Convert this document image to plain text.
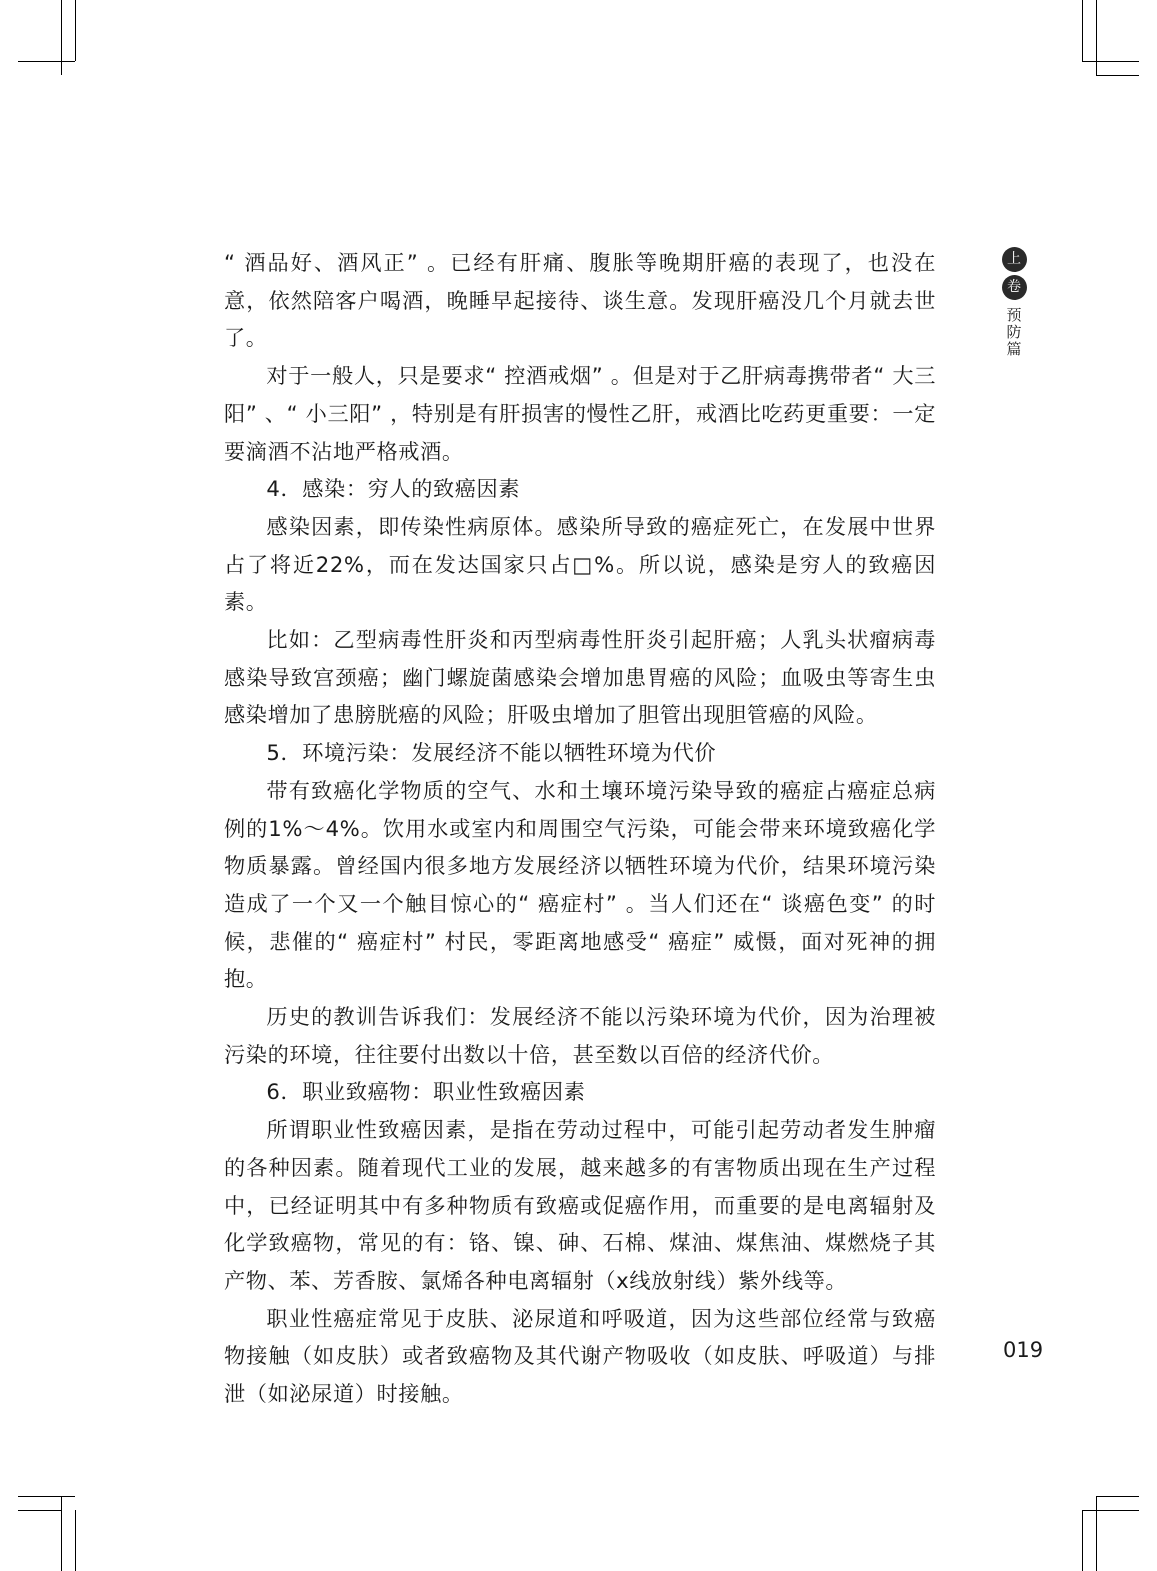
上
卷
预防篇

“ 酒品好、酒风正” 。已经有肝痛、腹胀等晚期肝癌的表现了，也没在意，依然陪客户喝酒，晚睡早起接待、谈生意。发现肝癌没几个月就去世了。

对于一般人，只是要求“ 控酒戒烟” 。但是对于乙肝病毒携带者“ 大三阳” 、“ 小三阳” ，特别是有肝损害的慢性乙肝，戒酒比吃药更重要：一定要滴酒不沾地严格戒酒。

4．感染：穷人的致癌因素

感染因素，即传染性病原体。感染所导致的癌症死亡，在发展中世界占了将近22%，而在发达国家只占□%。所以说，感染是穷人的致癌因素。

比如：乙型病毒性肝炎和丙型病毒性肝炎引起肝癌；人乳头状瘤病毒感染导致宫颈癌；幽门螺旋菌感染会增加患胃癌的风险；血吸虫等寄生虫感染增加了患膀胱癌的风险；肝吸虫增加了胆管出现胆管癌的风险。

5．环境污染：发展经济不能以牺牲环境为代价

带有致癌化学物质的空气、水和土壤环境污染导致的癌症占癌症总病例的1%～4%。饮用水或室内和周围空气污染，可能会带来环境致癌化学物质暴露。曾经国内很多地方发展经济以牺牲环境为代价，结果环境污染造成了一个又一个触目惊心的“ 癌症村” 。当人们还在“ 谈癌色变” 的时候，悲催的“ 癌症村” 村民，零距离地感受“ 癌症” 威慑，面对死神的拥抱。

历史的教训告诉我们：发展经济不能以污染环境为代价，因为治理被污染的环境，往往要付出数以十倍，甚至数以百倍的经济代价。

6．职业致癌物：职业性致癌因素

所谓职业性致癌因素，是指在劳动过程中，可能引起劳动者发生肿瘤的各种因素。随着现代工业的发展，越来越多的有害物质出现在生产过程中，已经证明其中有多种物质有致癌或促癌作用，而重要的是电离辐射及化学致癌物，常见的有：铬、镍、砷、石棉、煤油、煤焦油、煤燃烧子其产物、苯、芳香胺、氯烯各种电离辐射（x线放射线）紫外线等。

职业性癌症常见于皮肤、泌尿道和呼吸道，因为这些部位经常与致癌物接触（如皮肤）或者致癌物及其代谢产物吸收（如皮肤、呼吸道）与排泄（如泌尿道）时接触。

019
